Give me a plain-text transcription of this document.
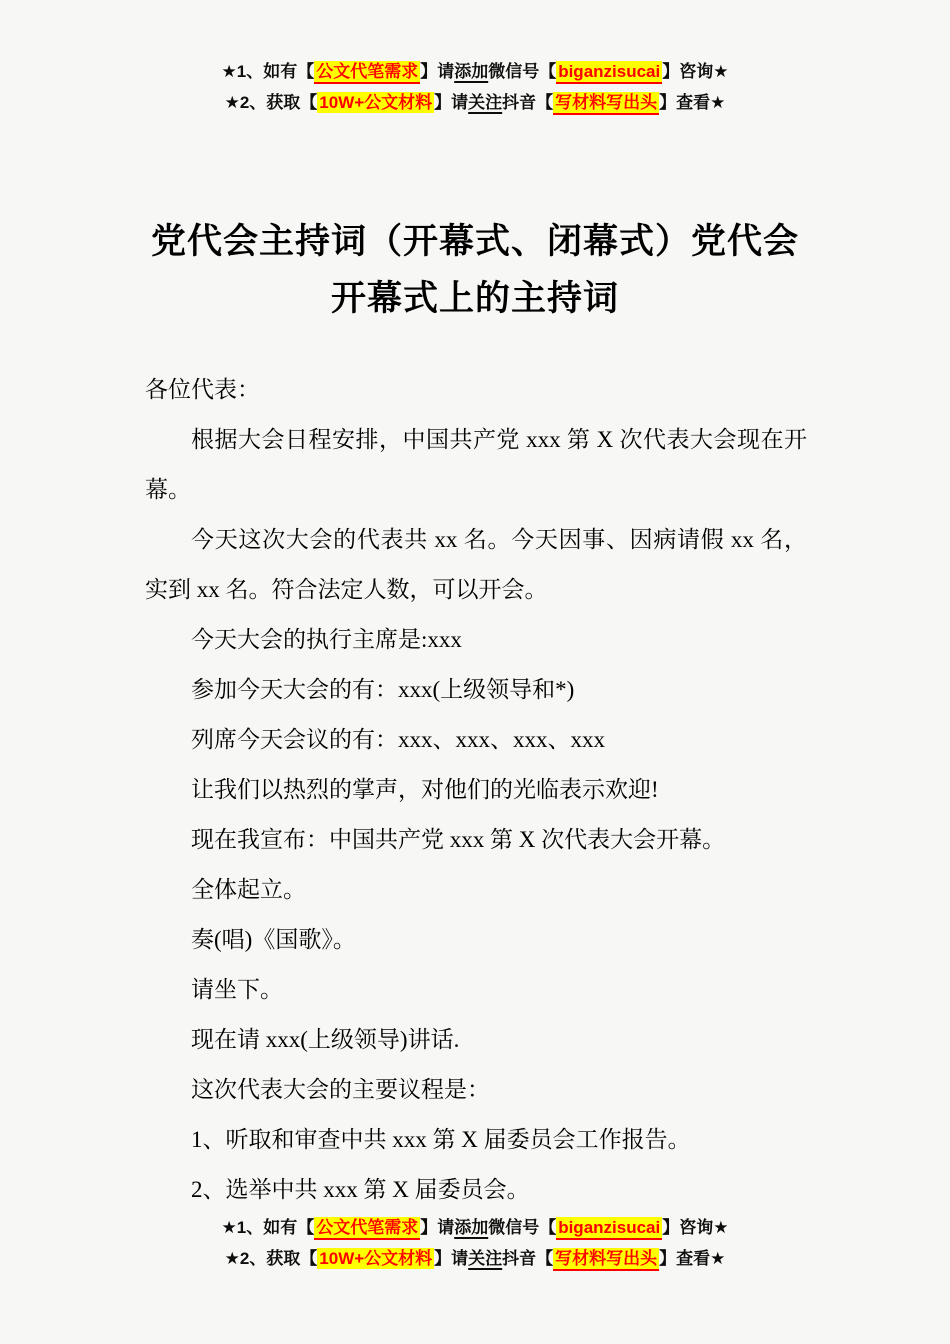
★1、如有【 公文代笔需求 】请添加微信号【 biganzisucai 】咨询★
★2、获取【 10W+公文材料 】请关注抖音【 写材料写出头 】查看★
党代会主持词（开幕式、闭幕式）党代会
开幕式上的主持词

各位代表：

根据大会日程安排，中国共产党 xxx 第 X 次代表大会现在开幕。

今天这次大会的代表共 xx 名。今天因事、因病请假 xx 名，实到 xx 名。符合法定人数，可以开会。

今天大会的执行主席是:xxx

参加今天大会的有：xxx(上级领导和*)

列席今天会议的有：xxx、xxx、xxx、xxx

让我们以热烈的掌声，对他们的光临表示欢迎!

现在我宣布：中国共产党 xxx 第 X 次代表大会开幕。

全体起立。

奏(唱)《国歌》。

请坐下。

现在请 xxx(上级领导)讲话.

这次代表大会的主要议程是：

1、听取和审查中共 xxx 第 X 届委员会工作报告。

2、选举中共 xxx 第 X 届委员会。

★1、如有【 公文代笔需求 】请添加微信号【 biganzisucai 】咨询★
★2、获取【 10W+公文材料 】请关注抖音【 写材料写出头 】查看★
